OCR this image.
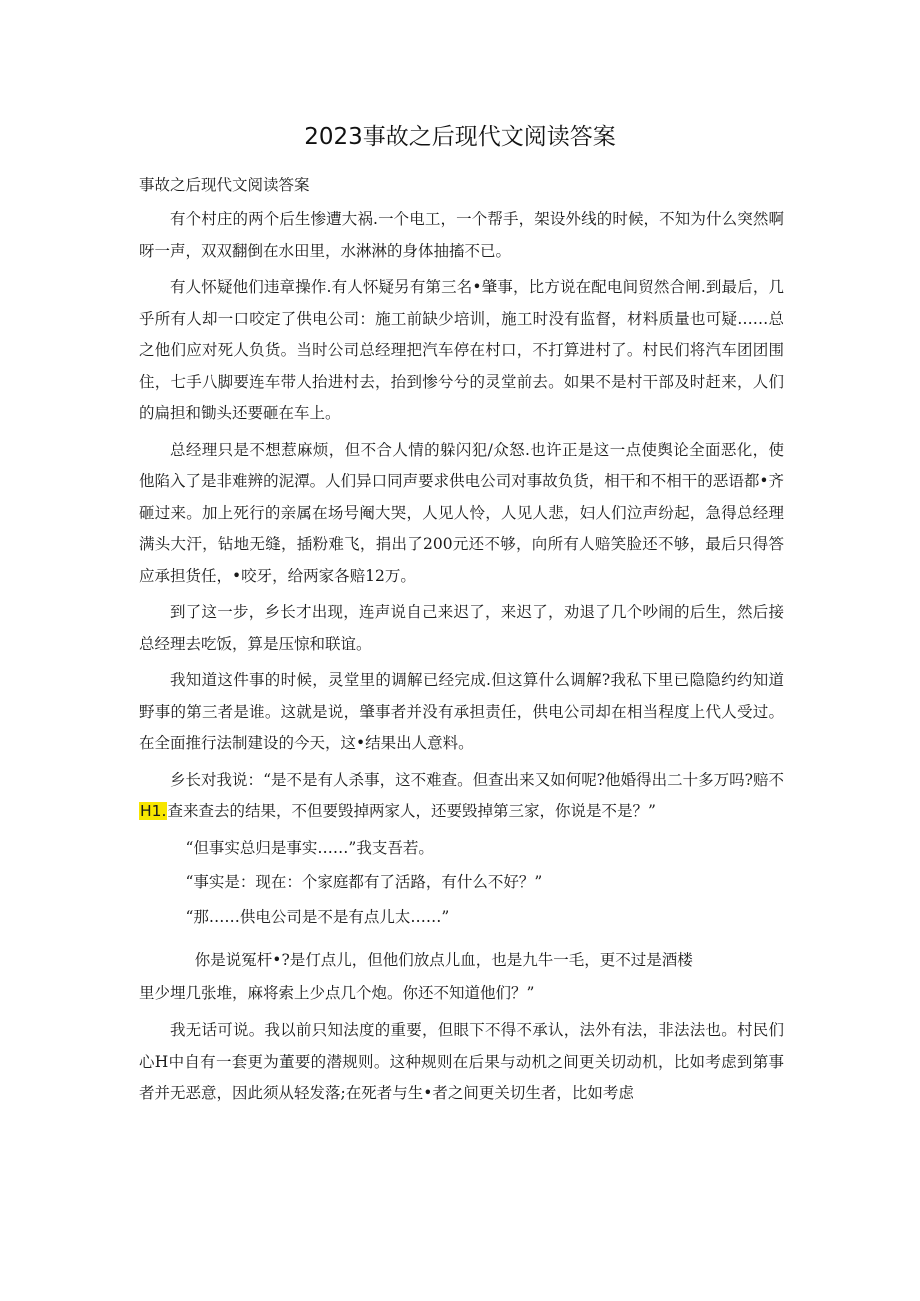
2023事故之后现代文阅读答案

事故之后现代文阅读答案

有个村庄的两个后生惨遭大祸.一个电工，一个帮手，架设外线的时候，不知为什么突然啊呀一声，双双翻倒在水田里，水淋淋的身体抽搐不已。

有人怀疑他们违章操作.有人怀疑另有第三名•肇事，比方说在配电间贸然合闸.到最后，几乎所有人却一口咬定了供电公司：施工前缺少培训，施工时没有监督，材料质量也可疑……总之他们应对死人负货。当时公司总经理把汽车停在村口，不打算进村了。村民们将汽车团团围住，七手八脚要连车带人抬进村去，抬到惨兮兮的灵堂前去。如果不是村干部及时赶来，人们的扁担和锄头还要砸在车上。

总经理只是不想惹麻烦，但不合人情的躲闪犯/众怒.也许正是这一点使舆论全面恶化，使他陷入了是非难辨的泥潭。人们异口同声要求供电公司对事故负货，相干和不相干的恶语都•齐砸过来。加上死行的亲属在场号阉大哭，人见人怜，人见人悲，妇人们泣声纷起，急得总经理满头大汗，钻地无缝，插粉难飞，捐出了200元还不够，向所有人赔笑脸还不够，最后只得答应承担货任，•咬牙，给两家各赔12万。

到了这一步，乡长才出现，连声说自己来迟了，来迟了，劝退了几个吵闹的后生，然后接总经理去吃饭，算是压惊和联谊。

我知道这件事的时候，灵堂里的调解已经完成.但这算什么调解?我私下里已隐隐约约知道野事的第三者是谁。这就是说，肇事者并没有承担责任，供电公司却在相当程度上代人受过。在全面推行法制建设的今天，这•结果出人意料。

乡长对我说：“是不是有人杀事，这不难查。但查出来又如何呢?他婚得出二十多万吗?赔不H1.查来查去的结果，不但要毁掉两家人，还要毁掉第三家，你说是不是？”

“但事实总归是事实……”我支吾若。

“事实是：现在：个家庭都有了活路，有什么不好？”

“那……供电公司是不是有点儿太……”

你是说冤杆•?是仃点儿，但他们放点儿血，也是九牛一毛，更不过是酒楼
里少埋几张堆，麻将索上少点几个炮。你还不知道他们？”

我无话可说。我以前只知法度的重要，但眼下不得不承认，法外有法，非法法也。村民们心H中自有一套更为董要的潜规则。这种规则在后果与动机之间更关切动机，比如考虑到第事者并无恶意，因此须从轻发落;在死者与生•者之间更关切生者，比如考虑
